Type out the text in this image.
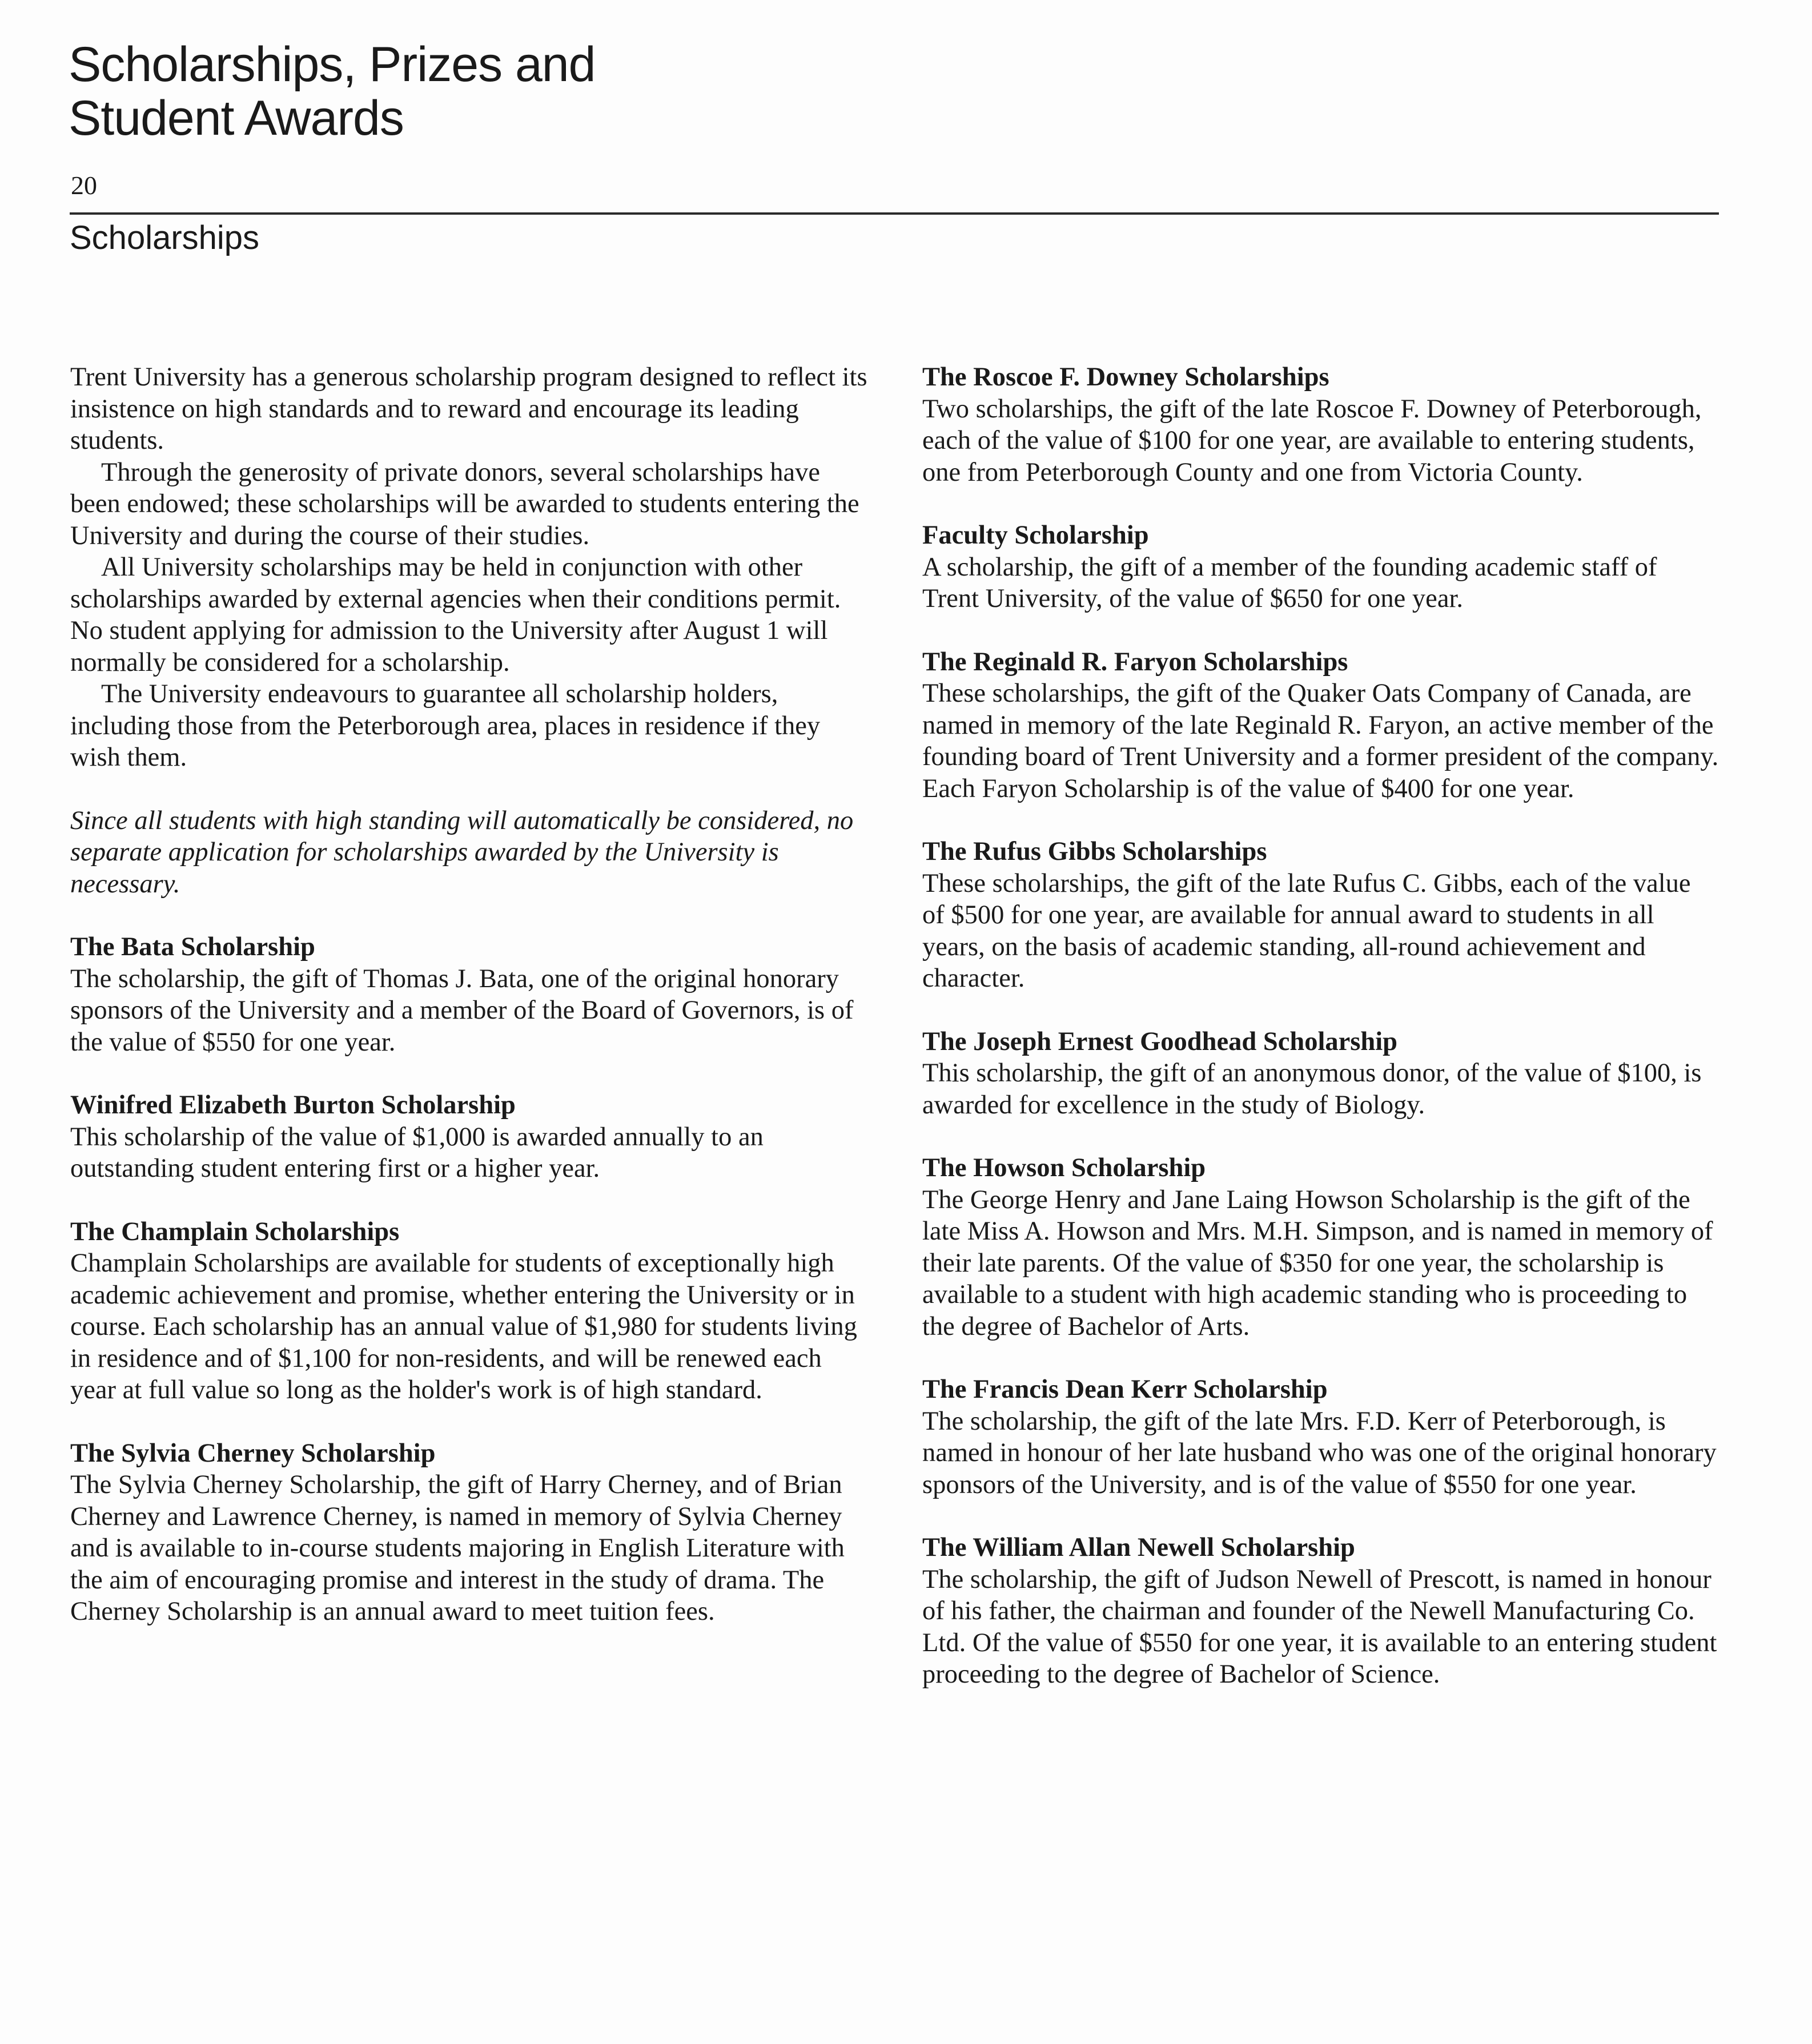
Scholarships, Prizes and
Student Awards
20
Scholarships

Trent University has a generous scholarship program designed to reflect its insistence on high standards and to reward and encourage its leading students.

Through the generosity of private donors, several scholarships have been endowed; these scholarships will be awarded to students entering the University and during the course of their studies.

All University scholarships may be held in conjunction with other scholarships awarded by external agencies when their conditions permit. No student applying for admission to the University after August 1 will normally be considered for a scholarship.

The University endeavours to guarantee all scholarship holders, including those from the Peterborough area, places in residence if they wish them.

Since all students with high standing will automatically be considered, no separate application for scholarships awarded by the University is necessary.

The Bata Scholarship

The scholarship, the gift of Thomas J. Bata, one of the original honorary sponsors of the University and a member of the Board of Governors, is of the value of $550 for one year.

Winifred Elizabeth Burton Scholarship

This scholarship of the value of $1,000 is awarded annually to an outstanding student entering first or a higher year.

The Champlain Scholarships

Champlain Scholarships are available for students of exceptionally high academic achievement and promise, whether entering the University or in course. Each scholarship has an annual value of $1,980 for students living in residence and of $1,100 for non-residents, and will be renewed each year at full value so long as the holder's work is of high standard.

The Sylvia Cherney Scholarship

The Sylvia Cherney Scholarship, the gift of Harry Cherney, and of Brian Cherney and Lawrence Cherney, is named in memory of Sylvia Cherney and is available to in-course students majoring in English Literature with the aim of encouraging promise and interest in the study of drama. The Cherney Scholarship is an annual award to meet tuition fees.

The Roscoe F. Downey Scholarships

Two scholarships, the gift of the late Roscoe F. Downey of Peterborough, each of the value of $100 for one year, are available to entering students, one from Peterborough County and one from Victoria County.

Faculty Scholarship

A scholarship, the gift of a member of the founding academic staff of Trent University, of the value of $650 for one year.

The Reginald R. Faryon Scholarships

These scholarships, the gift of the Quaker Oats Company of Canada, are named in memory of the late Reginald R. Faryon, an active member of the founding board of Trent University and a former president of the company. Each Faryon Scholarship is of the value of $400 for one year.

The Rufus Gibbs Scholarships

These scholarships, the gift of the late Rufus C. Gibbs, each of the value of $500 for one year, are available for annual award to students in all years, on the basis of academic standing, all-round achievement and character.

The Joseph Ernest Goodhead Scholarship

This scholarship, the gift of an anonymous donor, of the value of $100, is awarded for excellence in the study of Biology.

The Howson Scholarship

The George Henry and Jane Laing Howson Scholarship is the gift of the late Miss A. Howson and Mrs. M.H. Simpson, and is named in memory of their late parents. Of the value of $350 for one year, the scholarship is available to a student with high academic standing who is proceeding to the degree of Bachelor of Arts.

The Francis Dean Kerr Scholarship

The scholarship, the gift of the late Mrs. F.D. Kerr of Peterborough, is named in honour of her late husband who was one of the original honorary sponsors of the University, and is of the value of $550 for one year.

The William Allan Newell Scholarship

The scholarship, the gift of Judson Newell of Prescott, is named in honour of his father, the chairman and founder of the Newell Manufacturing Co. Ltd. Of the value of $550 for one year, it is available to an entering student proceeding to the degree of Bachelor of Science.
